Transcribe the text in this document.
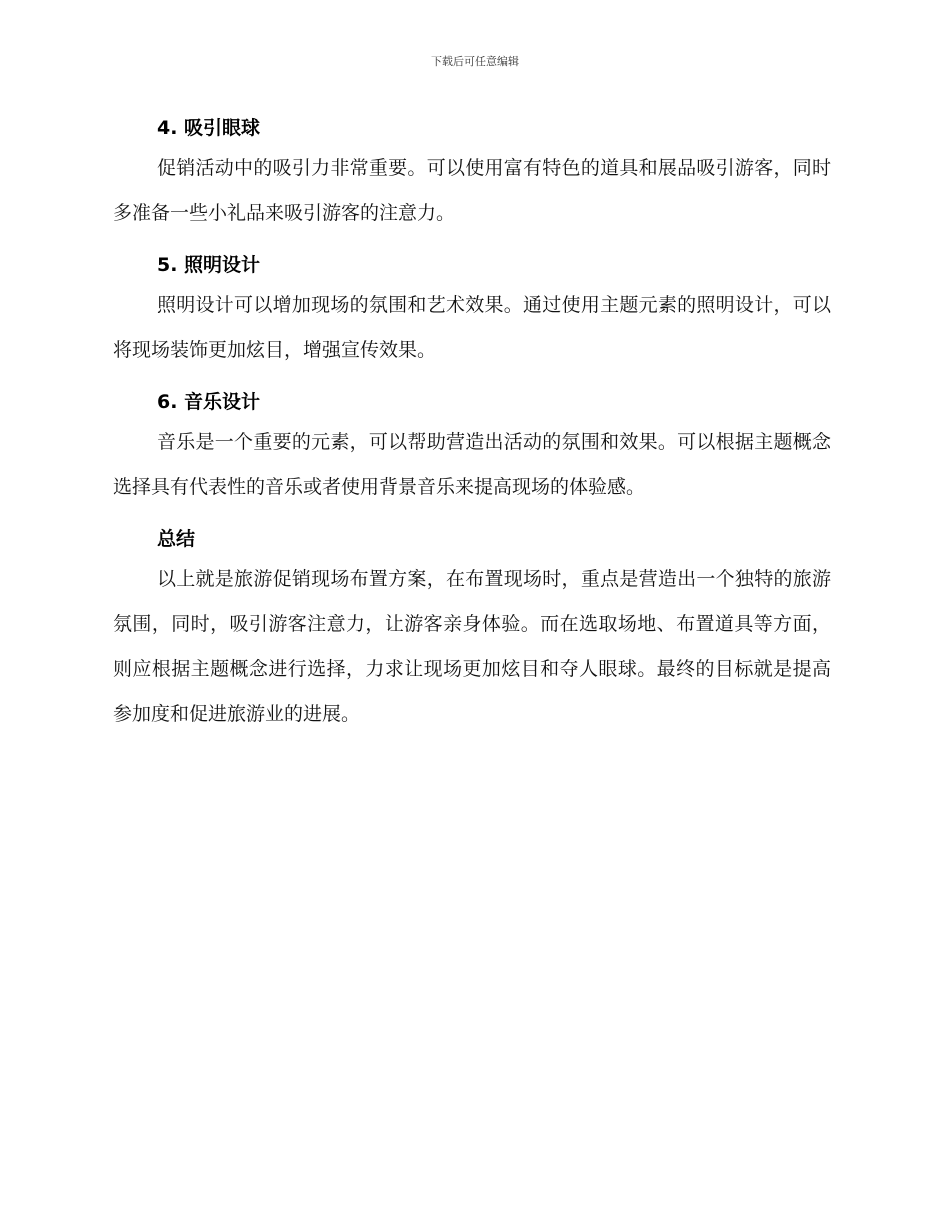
下载后可任意编辑
4. 吸引眼球

促销活动中的吸引力非常重要。可以使用富有特色的道具和展品吸引游客，同时多准备一些小礼品来吸引游客的注意力。

5. 照明设计

照明设计可以增加现场的氛围和艺术效果。通过使用主题元素的照明设计，可以将现场装饰更加炫目，增强宣传效果。

6. 音乐设计

音乐是一个重要的元素，可以帮助营造出活动的氛围和效果。可以根据主题概念选择具有代表性的音乐或者使用背景音乐来提高现场的体验感。

总结

以上就是旅游促销现场布置方案，在布置现场时，重点是营造出一个独特的旅游氛围，同时，吸引游客注意力，让游客亲身体验。而在选取场地、布置道具等方面，则应根据主题概念进行选择，力求让现场更加炫目和夺人眼球。最终的目标就是提高参加度和促进旅游业的进展。
